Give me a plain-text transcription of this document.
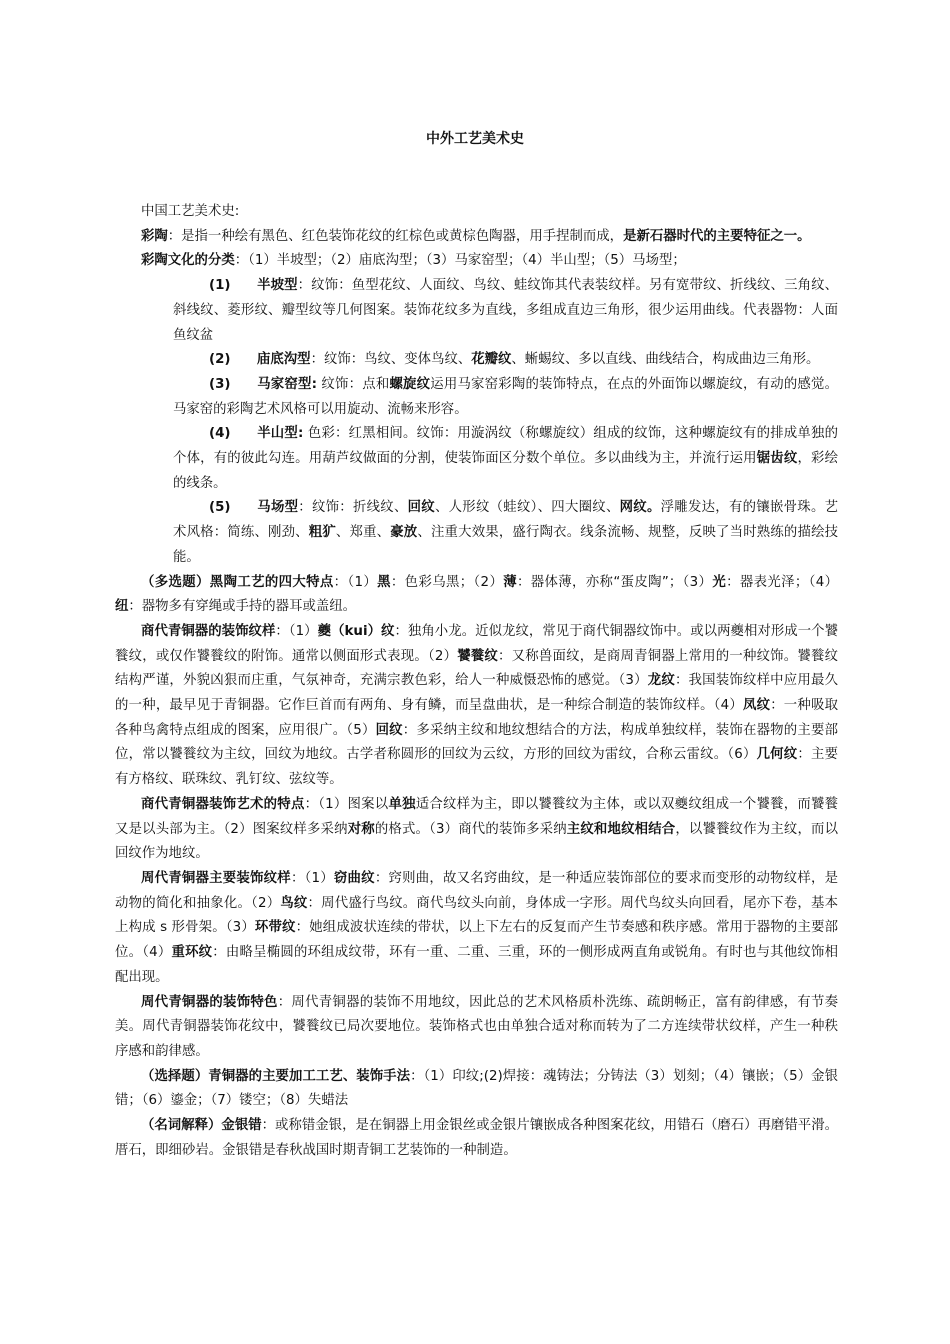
中外工艺美术史

中国工艺美术史:

彩陶：是指一种绘有黑色、红色装饰花纹的红棕色或黄棕色陶器，用手捏制而成，是新石器时代的主要特征之一。

彩陶文化的分类：（1）半坡型；（2）庙底沟型；（3）马家窑型；（4）半山型；（5）马场型；

(1) 半坡型：纹饰：鱼型花纹、人面纹、鸟纹、蛙纹饰其代表装纹样。另有宽带纹、折线纹、三角纹、斜线纹、菱形纹、瓣型纹等几何图案。装饰花纹多为直线，多组成直边三角形，很少运用曲线。代表器物：人面鱼纹盆

(2) 庙底沟型：纹饰：鸟纹、变体鸟纹、花瓣纹、蜥蜴纹、多以直线、曲线结合，构成曲边三角形。

(3) 马家窑型: 纹饰：点和螺旋纹运用马家窑彩陶的装饰特点，在点的外面饰以螺旋纹，有动的感觉。马家窑的彩陶艺术风格可以用旋动、流畅来形容。

(4) 半山型: 色彩：红黑相间。纹饰：用漩涡纹（称螺旋纹）组成的纹饰，这种螺旋纹有的排成单独的个体，有的彼此勾连。用葫芦纹做面的分割，使装饰面区分数个单位。多以曲线为主，并流行运用锯齿纹，彩绘的线条。

(5) 马场型：纹饰：折线纹、回纹、人形纹（蛙纹）、四大圈纹、网纹。浮雕发达，有的镶嵌骨珠。艺术风格：简练、刚劲、粗犷、郑重、豪放、注重大效果，盛行陶衣。线条流畅、规整，反映了当时熟练的描绘技能。

（多选题）黑陶工艺的四大特点：（1）黑：色彩乌黑；（2）薄：器体薄，亦称“蛋皮陶”；（3）光：器表光泽；（4）纽：器物多有穿绳或手持的器耳或盖纽。

商代青铜器的装饰纹样：（1）夔（kui）纹：独角小龙。近似龙纹，常见于商代铜器纹饰中。或以两夔相对形成一个饕餮纹，或仅作饕餮纹的附饰。通常以侧面形式表现。（2）饕餮纹：又称兽面纹，是商周青铜器上常用的一种纹饰。饕餮纹结构严谨，外貌凶狠而庄重，气氛神奇，充满宗教色彩，给人一种威慑恐怖的感觉。（3）龙纹：我国装饰纹样中应用最久的一种，最早见于青铜器。它作巨首而有两角、身有鳞，而呈盘曲状，是一种综合制造的装饰纹样。（4）凤纹：一种吸取各种鸟禽特点组成的图案，应用很广。（5）回纹：多采纳主纹和地纹想结合的方法，构成单独纹样，装饰在器物的主要部位，常以饕餮纹为主纹，回纹为地纹。古学者称圆形的回纹为云纹，方形的回纹为雷纹，合称云雷纹。（6）几何纹：主要有方格纹、联珠纹、乳钉纹、弦纹等。

商代青铜器装饰艺术的特点：（1）图案以单独适合纹样为主，即以饕餮纹为主体，或以双夔纹组成一个饕餮，而饕餮又是以头部为主。（2）图案纹样多采纳对称的格式。（3）商代的装饰多采纳主纹和地纹相结合，以饕餮纹作为主纹，而以回纹作为地纹。

周代青铜器主要装饰纹样：（1）窃曲纹：窍则曲，故又名窍曲纹，是一种适应装饰部位的要求而变形的动物纹样，是动物的简化和抽象化。（2）鸟纹：周代盛行鸟纹。商代鸟纹头向前，身体成一字形。周代鸟纹头向回看，尾亦下卷，基本上构成 s 形骨架。（3）环带纹：她组成波状连续的带状，以上下左右的反复而产生节奏感和秩序感。常用于器物的主要部位。（4）重环纹：由略呈椭圆的环组成纹带，环有一重、二重、三重，环的一侧形成两直角或锐角。有时也与其他纹饰相配出现。

周代青铜器的装饰特色：周代青铜器的装饰不用地纹，因此总的艺术风格质朴洗练、疏朗畅正，富有韵律感，有节奏美。周代青铜器装饰花纹中，饕餮纹已局次要地位。装饰格式也由单独合适对称而转为了二方连续带状纹样，产生一种秩序感和韵律感。

（选择题）青铜器的主要加工工艺、装饰手法：（1）印纹;(2)焊接：魂铸法；分铸法（3）划刻；（4）镶嵌；（5）金银错；（6）鎏金；（7）镂空；（8）失蜡法

（名词解释）金银错：或称错金银，是在铜器上用金银丝或金银片镶嵌成各种图案花纹，用错石（磨石）再磨错平滑。厝石，即细砂岩。金银错是春秋战国时期青铜工艺装饰的一种制造。
